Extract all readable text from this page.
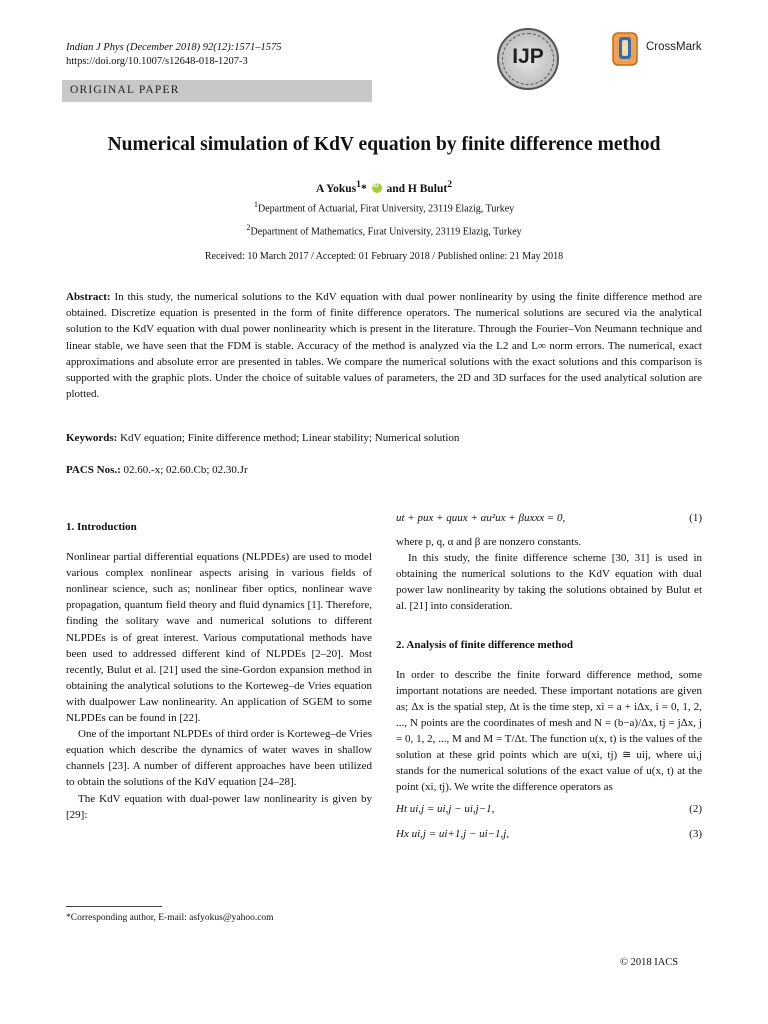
Indian J Phys (December 2018) 92(12):1571–1575
https://doi.org/10.1007/s12648-018-1207-3
ORIGINAL PAPER
IJP	CrossMark
Numerical simulation of KdV equation by finite difference method
A Yokus$^1$* iD and H Bulut$^2$
$^1$Department of Actuarial, Firat University, 23119 Elazig, Turkey
$^2$Department of Mathematics, Fırat University, 23119 Elazig, Turkey
Received: 10 March 2017 / Accepted: 01 February 2018 / Published online: 21 May 2018
Abstract: In this study, the numerical solutions to the KdV equation with dual power nonlinearity by using the finite difference method are obtained. Discretize equation is presented in the form of finite difference operators. The numerical solutions are secured via the analytical solution to the KdV equation with dual power nonlinearity which is present in the literature. Through the Fourier–Von Neumann technique and linear stable, we have seen that the FDM is stable. Accuracy of the method is analyzed via the L2 and L∞ norm errors. The numerical, exact approximations and absolute error are presented in tables. We compare the numerical solutions with the exact solutions and this comparison is supported with the graphic plots. Under the choice of suitable values of parameters, the 2D and 3D surfaces for the used analytical solution are plotted.
Keywords: KdV equation; Finite difference method; Linear stability; Numerical solution
PACS Nos.: 02.60.-x; 02.60.Cb; 02.30.Jr
1. Introduction

Nonlinear partial differential equations (NLPDEs) are used to model various complex nonlinear aspects arising in various fields of nonlinear science, such as; nonlinear fiber optics, nonlinear wave propagation, quantum field theory and fluid dynamics [1]. Therefore, finding the solitary wave and numerical solutions to different NLPDEs is of great interest. Various computational methods have been used to addressed different kind of NLPDEs [2–20]. Most recently, Bulut et al. [21] used the sine-Gordon expansion method in obtaining the analytical solutions to the Korteweg–de Vries equation with dualpower Law nonlinearity. An application of SGEM to some NLPDEs can be found in [22].

One of the important NLPDEs of third order is Korteweg–de Vries equation which describe the dynamics of water waves in shallow channels [23]. A number of different approaches have been utilized to obtain the solutions of the KdV equation [24–28].

The KdV equation with dual-power law nonlinearity is given by [29]:

ut + pux + quux + αu²ux + βuxxx = 0,	(1)

where p, q, α and β are nonzero constants.

In this study, the finite difference scheme [30, 31] is used in obtaining the numerical solutions to the KdV equation with dual power law nonlinearity by taking the solutions obtained by Bulut et al. [21] into consideration.

2. Analysis of finite difference method

In order to describe the finite forward difference method, some important notations are needed. These important notations are given as; Δx is the spatial step, Δt is the time step, xi = a + iΔx, i = 0, 1, 2, ..., N points are the coordinates of mesh and N = (b−a)/Δx, tj = jΔx, j = 0, 1, 2, ..., M and M = T/Δt. The function u(x, t) is the values of the solution at these grid points which are u(xi, tj) ≅ uij, where ui,j stands for the numerical solutions of the exact value of u(x, t) at the point (xi, tj). We write the difference operators as

Ht ui,j = ui,j − ui,j−1,	(2)
Hx ui,j = ui+1,j − ui−1,j,	(3)
*Corresponding author, E-mail: asfyokus@yahoo.com
© 2018 IACS
